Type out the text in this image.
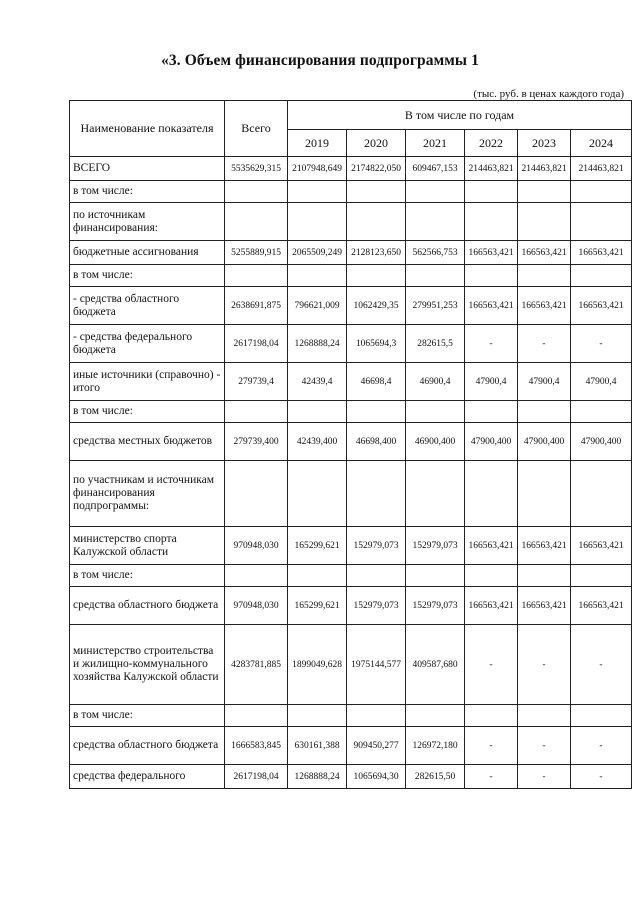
«3. Объем финансирования подпрограммы 1
(тыс. руб. в ценах каждого года)
Наименование показателя	Всего	В том числе по годам					
		2019	2020	2021	2022	2023	2024
ВСЕГО	5535629,315	2107948,649	2174822,050	609467,153	214463,821	214463,821	214463,821
в том числе:							
по источникам финансирования:							
бюджетные ассигнования	5255889,915	2065509,249	2128123,650	562566,753	166563,421	166563,421	166563,421
в том числе:							
- средства областного бюджета	2638691,875	796621,009	1062429,35	279951,253	166563,421	166563,421	166563,421
- средства федерального бюджета	2617198,04	1268888,24	1065694,3	282615,5	-	-	-
иные источники (справочно) - итого	279739,4	42439,4	46698,4	46900,4	47900,4	47900,4	47900,4
в том числе:							
средства местных бюджетов	279739,400	42439,400	46698,400	46900,400	47900,400	47900,400	47900,400
по участникам и источникам финансирования подпрограммы:							
министерство спорта Калужской области	970948,030	165299,621	152979,073	152979,073	166563,421	166563,421	166563,421
в том числе:							
средства областного бюджета	970948,030	165299,621	152979,073	152979,073	166563,421	166563,421	166563,421
министерство строительства и жилищно-коммунального хозяйства Калужской области	4283781,885	1899049,628	1975144,577	409587,680	-	-	-
в том числе:							
средства областного бюджета	1666583,845	630161,388	909450,277	126972,180	-	-	-
средства федерального	2617198,04	1268888,24	1065694,30	282615,50	-	-	-
